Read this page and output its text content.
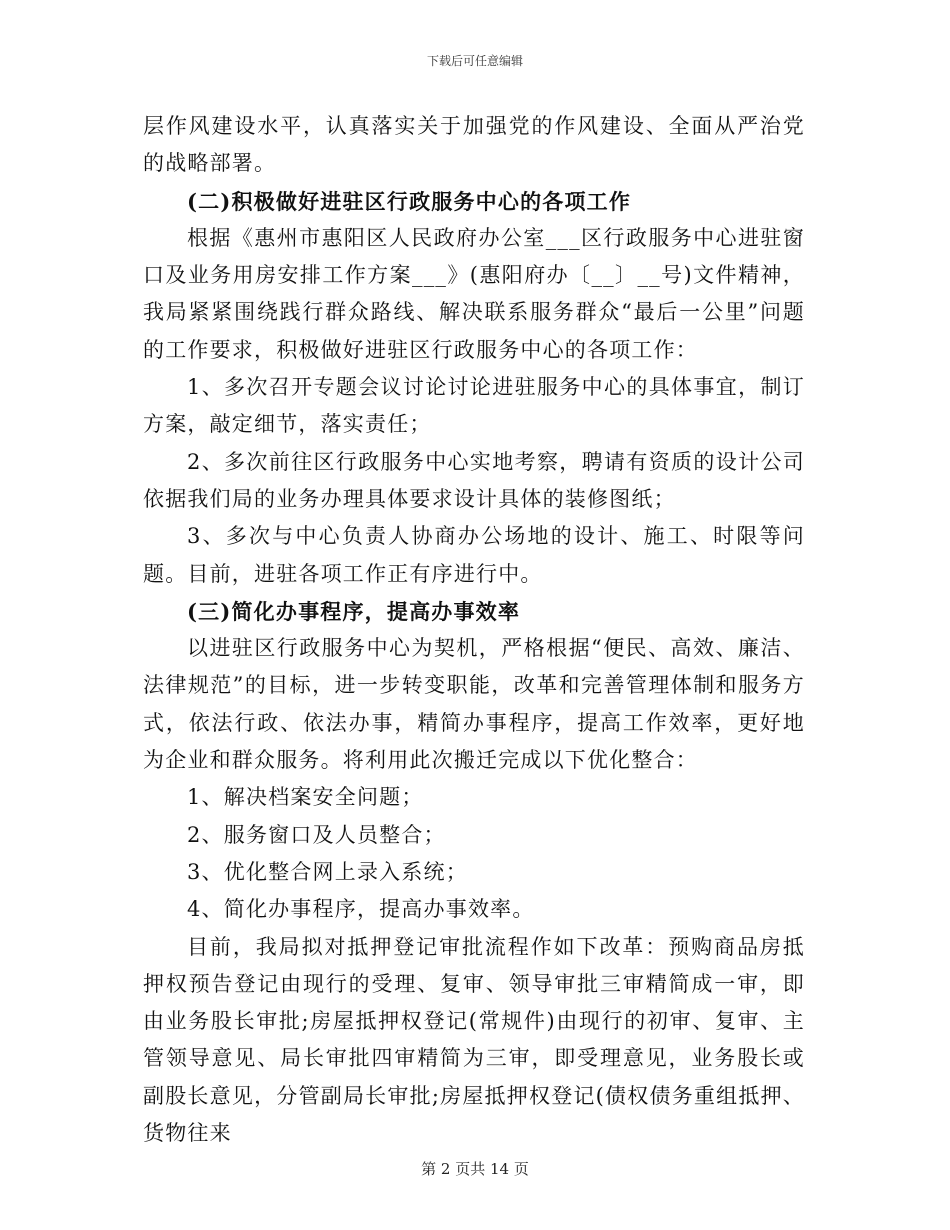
下载后可任意编辑

层作风建设水平，认真落实关于加强党的作风建设、全面从严治党的战略部署。

(二)积极做好进驻区行政服务中心的各项工作

根据《惠州市惠阳区人民政府办公室___区行政服务中心进驻窗口及业务用房安排工作方案___》(惠阳府办〔__〕__号)文件精神，我局紧紧围绕践行群众路线、解决联系服务群众“最后一公里”问题的工作要求，积极做好进驻区行政服务中心的各项工作：

1、多次召开专题会议讨论讨论进驻服务中心的具体事宜，制订方案，敲定细节，落实责任；

2、多次前往区行政服务中心实地考察，聘请有资质的设计公司依据我们局的业务办理具体要求设计具体的装修图纸；

3、多次与中心负责人协商办公场地的设计、施工、时限等问题。目前，进驻各项工作正有序进行中。

(三)简化办事程序，提高办事效率

以进驻区行政服务中心为契机，严格根据“便民、高效、廉洁、法律规范”的目标，进一步转变职能，改革和完善管理体制和服务方式，依法行政、依法办事，精简办事程序，提高工作效率，更好地为企业和群众服务。将利用此次搬迁完成以下优化整合：

1、解决档案安全问题；

2、服务窗口及人员整合；

3、优化整合网上录入系统；

4、简化办事程序，提高办事效率。

目前，我局拟对抵押登记审批流程作如下改革：预购商品房抵押权预告登记由现行的受理、复审、领导审批三审精简成一审，即由业务股长审批;房屋抵押权登记(常规件)由现行的初审、复审、主管领导意见、局长审批四审精简为三审，即受理意见，业务股长或副股长意见，分管副局长审批;房屋抵押权登记(债权债务重组抵押、货物往来

第 2 页共 14 页
